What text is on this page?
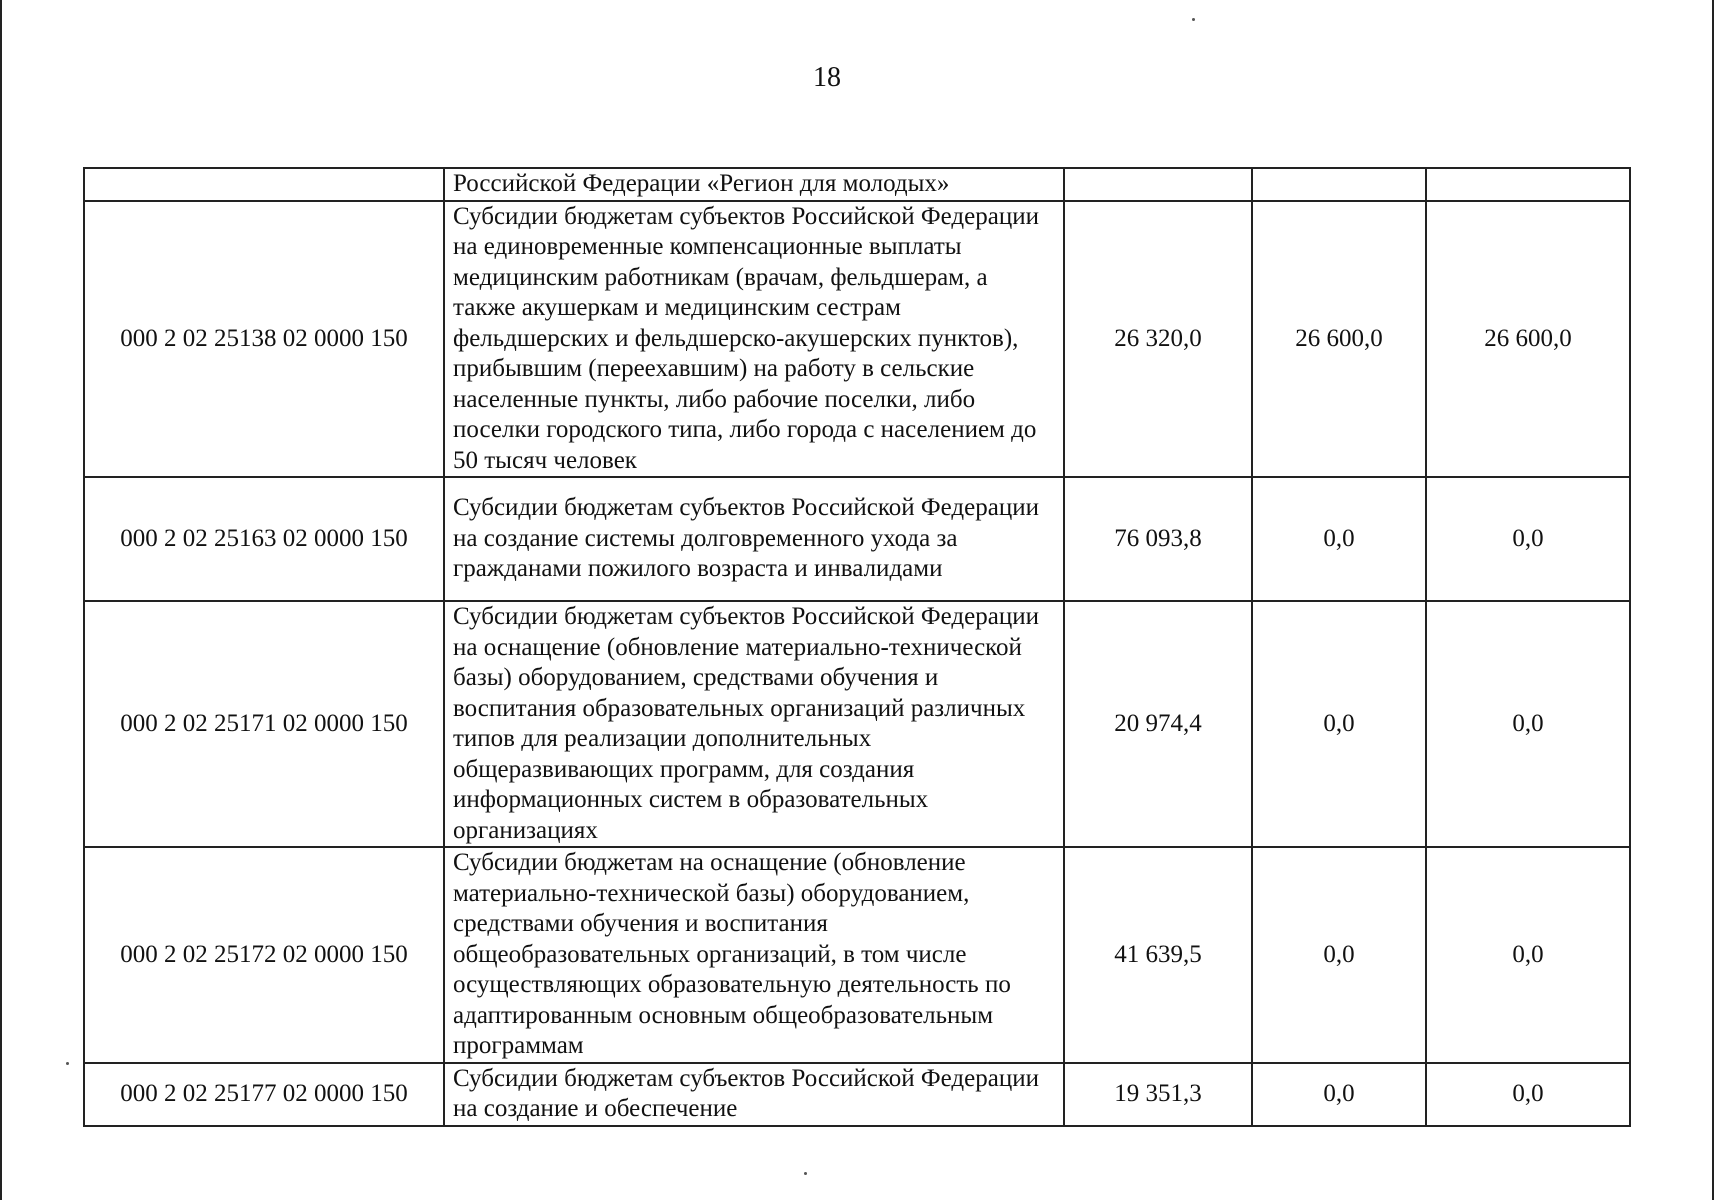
18
	Российской Федерации «Регион для молодых»			
000 2 02 25138 02 0000 150	Субсидии бюджетам субъектов Российской Федерации на единовременные компенсационные выплаты медицинским работникам (врачам, фельдшерам, а также акушеркам и медицинским сестрам фельдшерских и фельдшерско-акушерских пунктов), прибывшим (переехавшим) на работу в сельские населенные пункты, либо рабочие поселки, либо поселки городского типа, либо города с населением до 50 тысяч человек	26 320,0	26 600,0	26 600,0
000 2 02 25163 02 0000 150	Субсидии бюджетам субъектов Российской Федерации на создание системы долговременного ухода за гражданами пожилого возраста и инвалидами	76 093,8	0,0	0,0
000 2 02 25171 02 0000 150	Субсидии бюджетам субъектов Российской Федерации на оснащение (обновление материально-технической базы) оборудованием, средствами обучения и воспитания образовательных организаций различных типов для реализации дополнительных общеразвивающих программ, для создания информационных систем в образовательных организациях	20 974,4	0,0	0,0
000 2 02 25172 02 0000 150	Субсидии бюджетам на оснащение (обновление материально-технической базы) оборудованием, средствами обучения и воспитания общеобразовательных организаций, в том числе осуществляющих образовательную деятельность по адаптированным основным общеобразовательным программам	41 639,5	0,0	0,0
000 2 02 25177 02 0000 150	Субсидии бюджетам субъектов Российской Федерации на создание и обеспечение	19 351,3	0,0	0,0
